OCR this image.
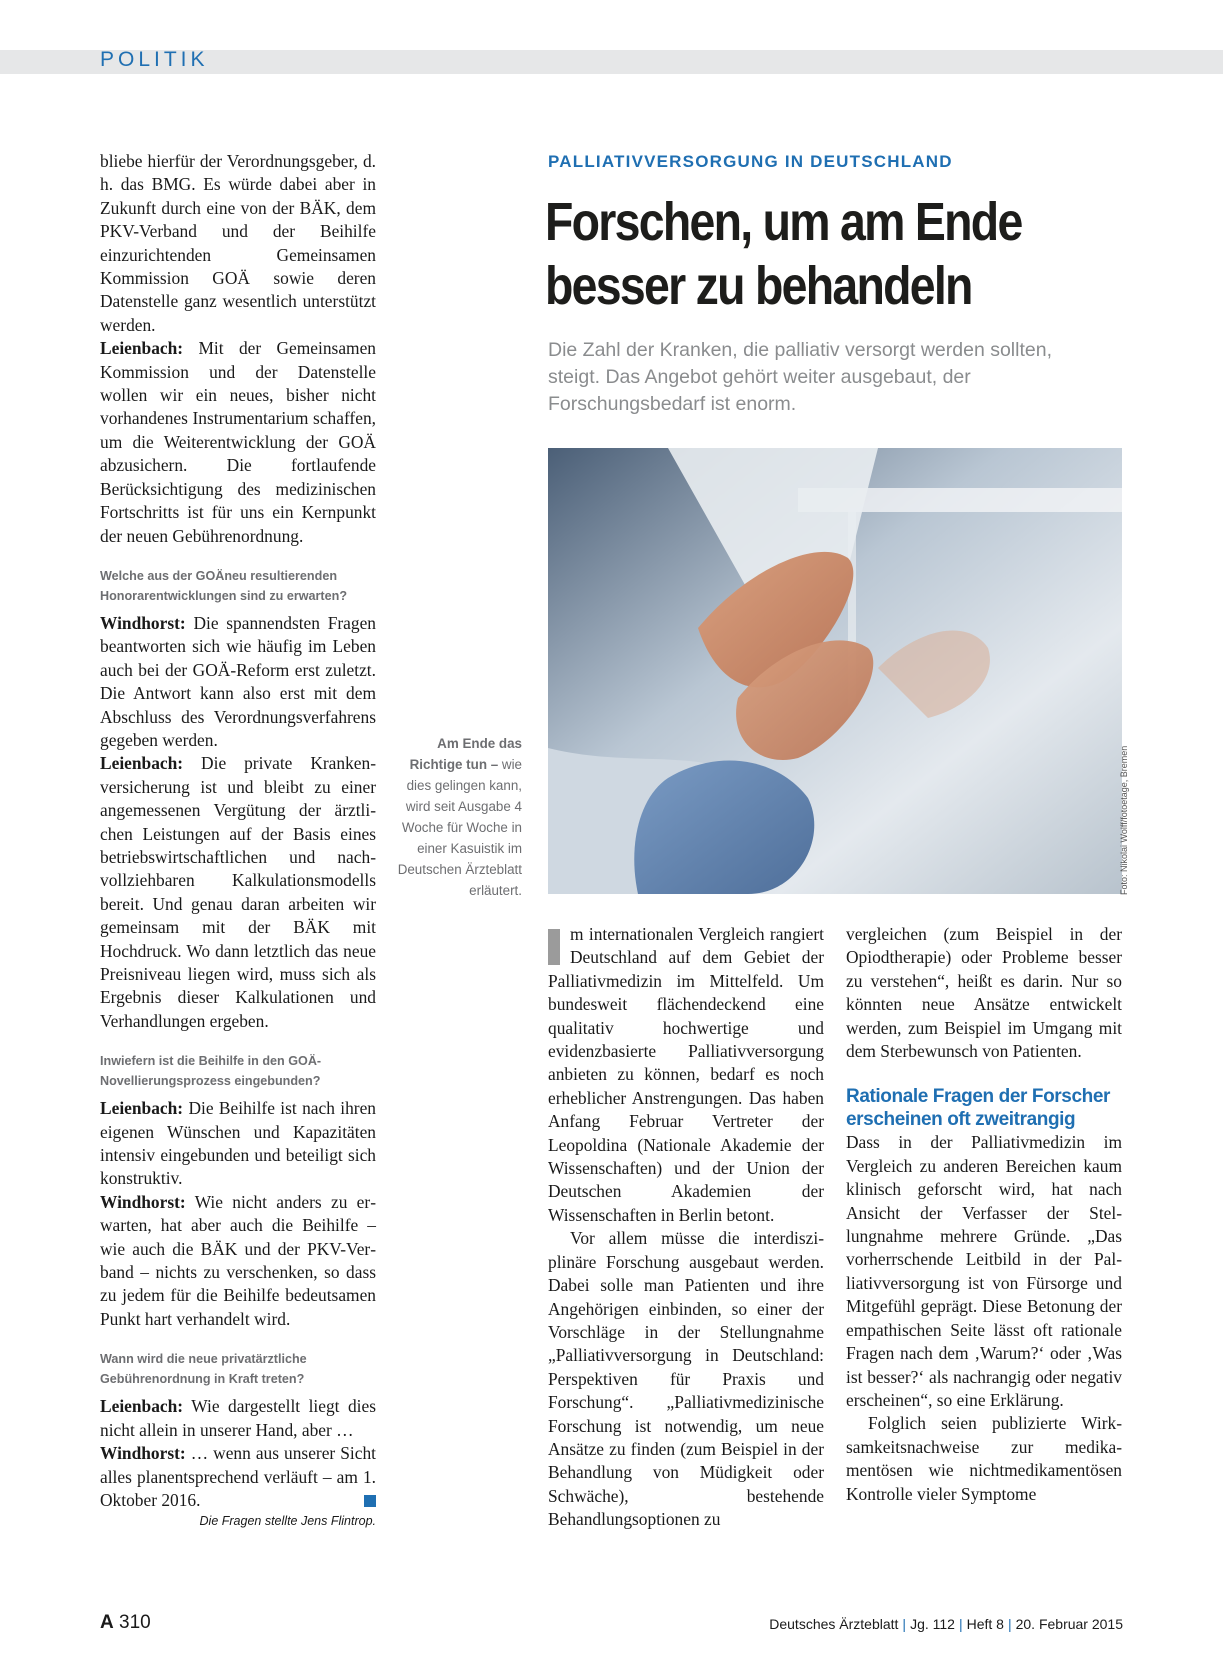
POLITIK

bliebe hierfür der Verordnungsgeber, d. h. das BMG. Es würde dabei aber in Zukunft durch eine von der BÄK, dem PKV-Verband und der Beihilfe einzurichtenden Gemeinsamen Kommission GOÄ sowie deren Datenstelle ganz wesentlich unterstützt werden.

Leienbach: Mit der Gemeinsamen Kommission und der Datenstelle wollen wir ein neues, bisher nicht vorhandenes Instrumentarium schaffen, um die Weiterentwicklung der GOÄ abzusichern. Die fortlaufende Berücksichtigung des medizinischen Fortschritts ist für uns ein Kernpunkt der neuen Gebührenordnung.

Welche aus der GOÄneu resultierenden Honorarentwicklungen sind zu erwarten?

Windhorst: Die spannendsten Fragen beantworten sich wie häufig im Leben auch bei der GOÄ-Reform erst zuletzt. Die Antwort kann also erst mit dem Abschluss des Verordnungsverfahrens gegeben werden.

Leienbach: Die private Krankenversicherung ist und bleibt zu einer angemessenen Vergütung der ärztlichen Leistungen auf der Basis eines betriebswirtschaftlichen und nachvollziehbaren Kalkulationsmodells bereit. Und genau daran arbeiten wir gemeinsam mit der BÄK mit Hochdruck. Wo dann letztlich das neue Preisniveau liegen wird, muss sich als Ergebnis dieser Kalkulationen und Verhandlungen ergeben.

Inwiefern ist die Beihilfe in den GOÄ-Novellierungsprozess eingebunden?

Leienbach: Die Beihilfe ist nach ihren eigenen Wünschen und Kapazitäten intensiv eingebunden und beteiligt sich konstruktiv.

Windhorst: Wie nicht anders zu erwarten, hat aber auch die Beihilfe – wie auch die BÄK und der PKV-Verband – nichts zu verschenken, so dass zu jedem für die Beihilfe bedeutsamen Punkt hart verhandelt wird.

Wann wird die neue privatärztliche Gebührenordnung in Kraft treten?

Leienbach: Wie dargestellt liegt dies nicht allein in unserer Hand, aber …

Windhorst: … wenn aus unserer Sicht alles planentsprechend verläuft – am 1. Oktober 2016.

Die Fragen stellte Jens Flintrop.

PALLIATIVVERSORGUNG IN DEUTSCHLAND
Forschen, um am Ende
besser zu behandeln

Die Zahl der Kranken, die palliativ versorgt werden sollten, steigt. Das Angebot gehört weiter ausgebaut, der Forschungsbedarf ist enorm.

Foto: Nikolai Wolff/fotoetage, Bremen
Am Ende das Richtige tun – wie dies gelingen kann, wird seit Ausgabe 4 Woche für Woche in einer Kasuistik im Deutschen Ärzteblatt erläutert.

m internationalen Vergleich rangiert Deutschland auf dem Gebiet der Palliativmedizin im Mittelfeld. Um bundesweit flächendeckend eine qualitativ hochwertige und evidenzbasierte Palliativversorgung anbieten zu können, bedarf es noch erheblicher Anstrengungen. Das haben Anfang Februar Vertreter der Leopoldina (Nationale Akademie der Wissenschaften) und der Union der Deutschen Akademien der Wissenschaften in Berlin betont.

Vor allem müsse die interdisziplinäre Forschung ausgebaut werden. Dabei solle man Patienten und ihre Angehörigen einbinden, so einer der Vorschläge in der Stellungnahme „Palliativversorgung in Deutschland: Perspektiven für Praxis und Forschung“. „Palliativmedizinische Forschung ist notwendig, um neue Ansätze zu finden (zum Beispiel in der Behandlung von Müdigkeit oder Schwäche), bestehende Behandlungsoptionen zu

vergleichen (zum Beispiel in der Opiodtherapie) oder Probleme besser zu verstehen“, heißt es darin. Nur so könnten neue Ansätze entwickelt werden, zum Beispiel im Umgang mit dem Sterbewunsch von Patienten.

Rationale Fragen der Forscher erscheinen oft zweitrangig

Dass in der Palliativmedizin im Vergleich zu anderen Bereichen kaum klinisch geforscht wird, hat nach Ansicht der Verfasser der Stellungnahme mehrere Gründe. „Das vorherrschende Leitbild in der Palliativversorgung ist von Fürsorge und Mitgefühl geprägt. Diese Betonung der empathischen Seite lässt oft rationale Fragen nach dem ‚Warum?‘ oder ‚Was ist besser?‘ als nachrangig oder negativ erscheinen“, so eine Erklärung.

Folglich seien publizierte Wirksamkeitsnachweise zur medikamentösen wie nichtmedikamentösen Kontrolle vieler Symptome

A 310	Deutsches Ärzteblatt | Jg. 112 | Heft 8 | 20. Februar 2015
